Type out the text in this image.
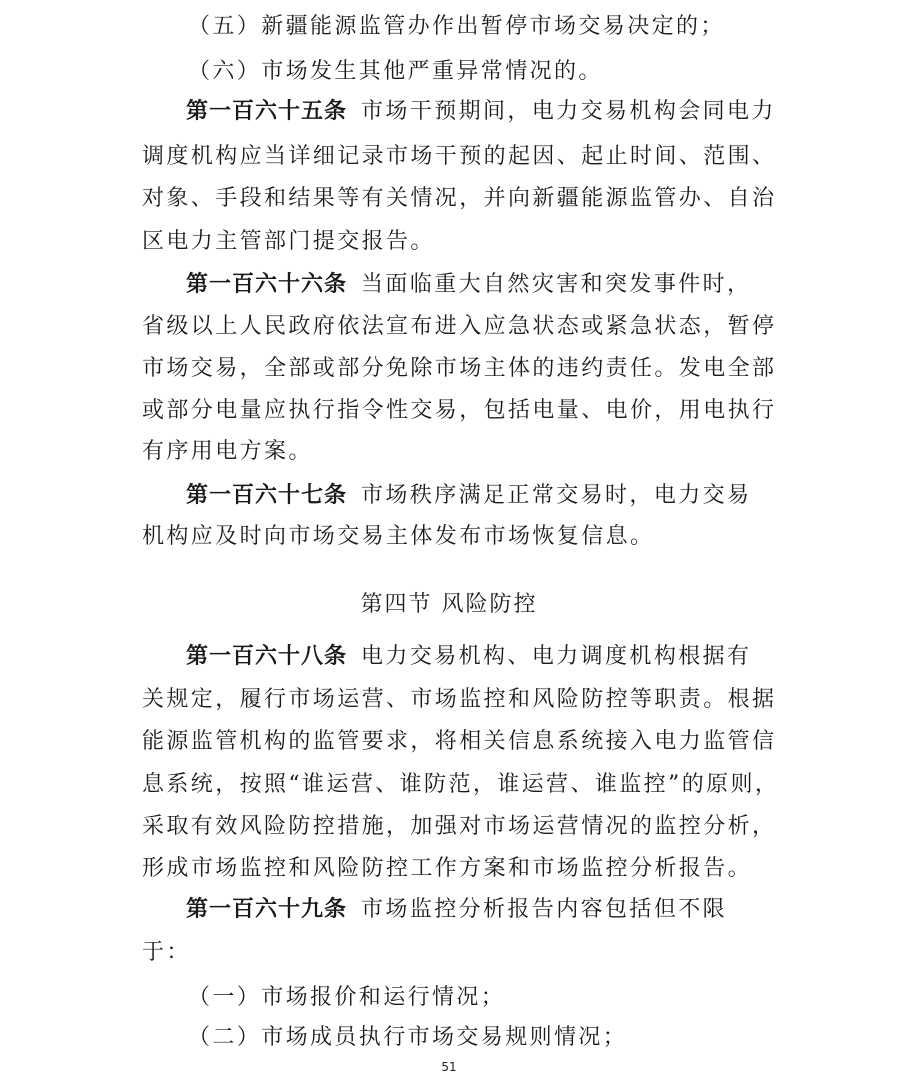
（五）新疆能源监管办作出暂停市场交易决定的；
（六）市场发生其他严重异常情况的。
第一百六十五条 市场干预期间，电力交易机构会同电力
调度机构应当详细记录市场干预的起因、起止时间、范围、
对象、手段和结果等有关情况，并向新疆能源监管办、自治
区电力主管部门提交报告。
第一百六十六条 当面临重大自然灾害和突发事件时，
省级以上人民政府依法宣布进入应急状态或紧急状态，暂停
市场交易，全部或部分免除市场主体的违约责任。发电全部
或部分电量应执行指令性交易，包括电量、电价，用电执行
有序用电方案。
第一百六十七条 市场秩序满足正常交易时，电力交易
机构应及时向市场交易主体发布市场恢复信息。
第四节 风险防控
第一百六十八条 电力交易机构、电力调度机构根据有
关规定，履行市场运营、市场监控和风险防控等职责。根据
能源监管机构的监管要求，将相关信息系统接入电力监管信
息系统，按照“谁运营、谁防范，谁运营、谁监控”的原则，
采取有效风险防控措施，加强对市场运营情况的监控分析，
形成市场监控和风险防控工作方案和市场监控分析报告。
第一百六十九条 市场监控分析报告内容包括但不限
于：
（一）市场报价和运行情况；
（二）市场成员执行市场交易规则情况；
51
